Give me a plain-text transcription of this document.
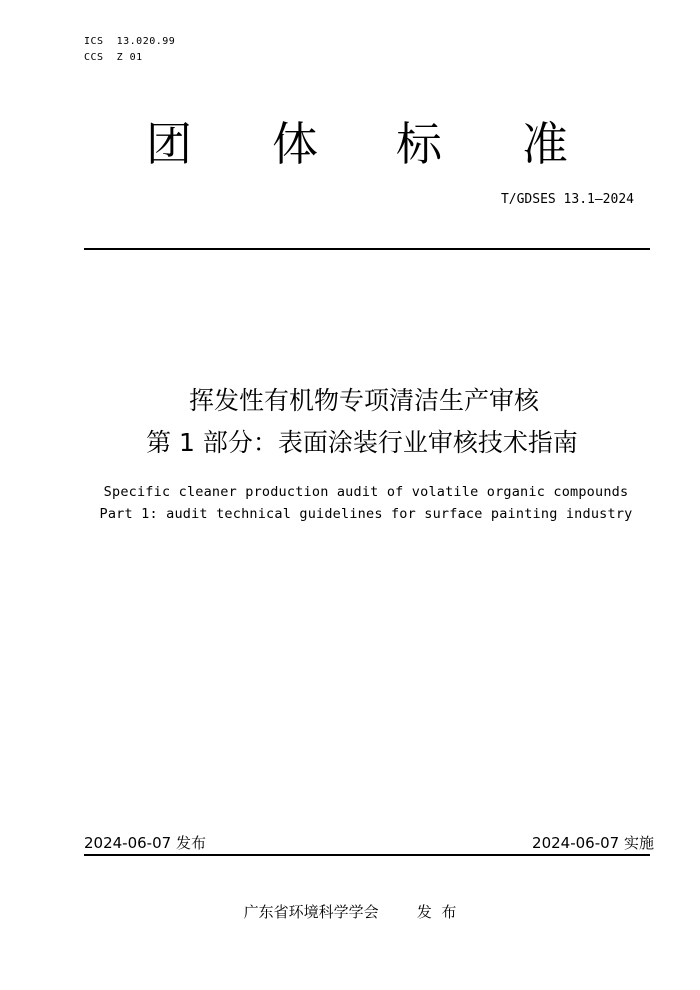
ICS 13.020.99
CCS Z 01
团 体 标 准
T/GDSES 13.1—2024
挥发性有机物专项清洁生产审核
第 1 部分：表面涂装行业审核技术指南
Specific cleaner production audit of volatile organic compounds
Part 1: audit technical guidelines for surface painting industry
2024-06-07 发布	2024-06-07 实施
广东省环境科学学会	发  布
